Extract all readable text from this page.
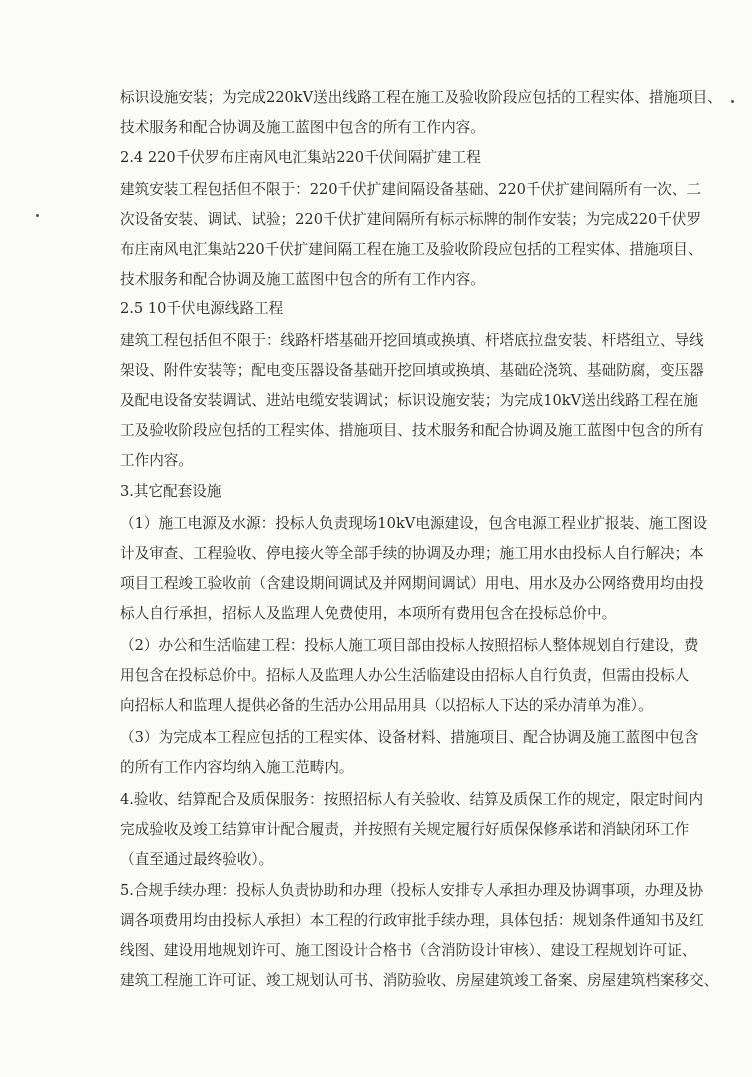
标识设施安装；为完成220kV送出线路工程在施工及验收阶段应包括的工程实体、措施项目、
技术服务和配合协调及施工蓝图中包含的所有工作内容。
2.4 220千伏罗布庄南风电汇集站220千伏间隔扩建工程
建筑安装工程包括但不限于：220千伏扩建间隔设备基础、220千伏扩建间隔所有一次、二
次设备安装、调试、试验；220千伏扩建间隔所有标示标牌的制作安装；为完成220千伏罗
布庄南风电汇集站220千伏扩建间隔工程在施工及验收阶段应包括的工程实体、措施项目、
技术服务和配合协调及施工蓝图中包含的所有工作内容。
2.5 10千伏电源线路工程
建筑工程包括但不限于：线路杆塔基础开挖回填或换填、杆塔底拉盘安装、杆塔组立、导线
架设、附件安装等；配电变压器设备基础开挖回填或换填、基础砼浇筑、基础防腐，变压器
及配电设备安装调试、进站电缆安装调试；标识设施安装；为完成10kV送出线路工程在施
工及验收阶段应包括的工程实体、措施项目、技术服务和配合协调及施工蓝图中包含的所有
工作内容。
3.其它配套设施
（1）施工电源及水源：投标人负责现场10kV电源建设，包含电源工程业扩报装、施工图设
计及审查、工程验收、停电接火等全部手续的协调及办理；施工用水由投标人自行解决；本
项目工程竣工验收前（含建设期间调试及并网期间调试）用电、用水及办公网络费用均由投
标人自行承担，招标人及监理人免费使用，本项所有费用包含在投标总价中。
（2）办公和生活临建工程：投标人施工项目部由投标人按照招标人整体规划自行建设，费
用包含在投标总价中。招标人及监理人办公生活临建设由招标人自行负责，但需由投标人
向招标人和监理人提供必备的生活办公用品用具（以招标人下达的采办清单为准）。
（3）为完成本工程应包括的工程实体、设备材料、措施项目、配合协调及施工蓝图中包含
的所有工作内容均纳入施工范畴内。
4.验收、结算配合及质保服务：按照招标人有关验收、结算及质保工作的规定，限定时间内
完成验收及竣工结算审计配合履责，并按照有关规定履行好质保保修承诺和消缺闭环工作
（直至通过最终验收）。
5.合规手续办理：投标人负责协助和办理（投标人安排专人承担办理及协调事项，办理及协
调各项费用均由投标人承担）本工程的行政审批手续办理，具体包括：规划条件通知书及红
线图、建设用地规划许可、施工图设计合格书（含消防设计审核）、建设工程规划许可证、
建筑工程施工许可证、竣工规划认可书、消防验收、房屋建筑竣工备案、房屋建筑档案移交、
